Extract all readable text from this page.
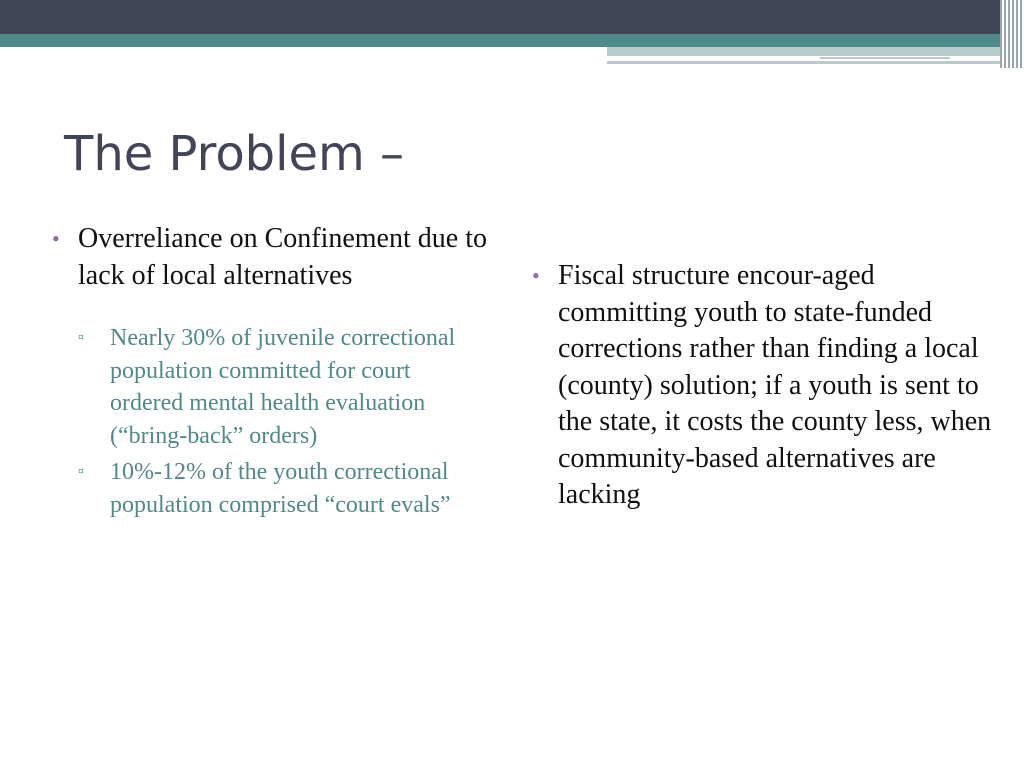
The Problem –
• Overreliance on Confinement due to lack of local alternatives
▫ Nearly 30% of juvenile correctional population committed for court ordered mental health evaluation (“bring-back” orders)
▫ 10%-12% of the youth correctional population comprised “court evals”
• Fiscal structure encour-aged committing youth to state-funded corrections rather than finding a local (county) solution; if a youth is sent to the state, it costs the county less, when community-based alternatives are lacking
